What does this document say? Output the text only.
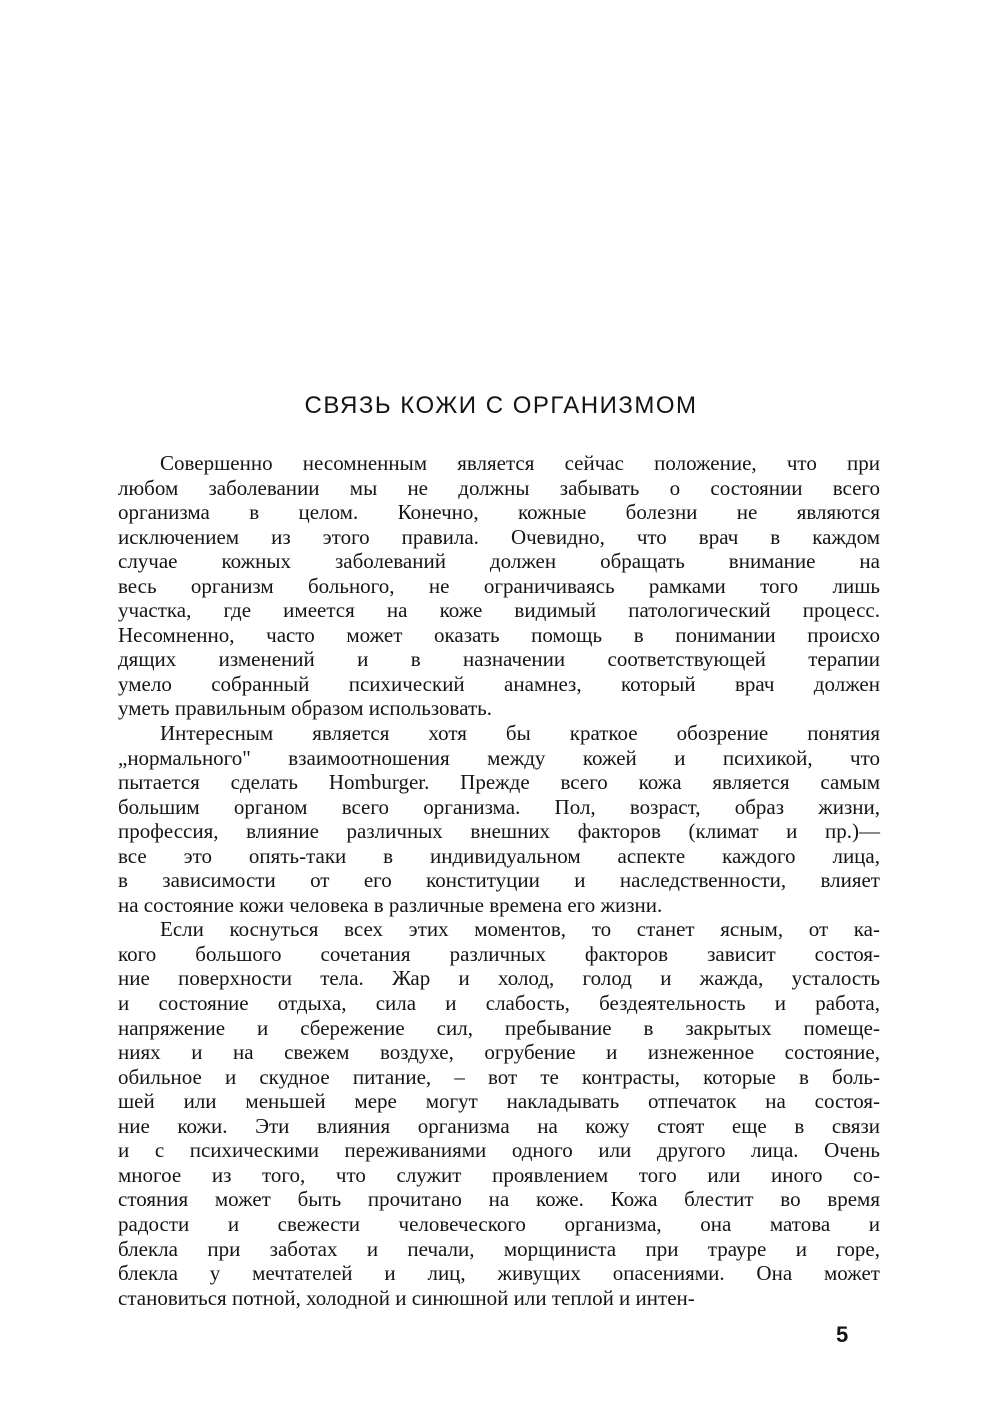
СВЯЗЬ КОЖИ С ОРГАНИЗМОМ
Совершенно несомненным является сейчас положение, что при
любом заболевании мы не должны забывать о состоянии всего
организма в целом. Конечно, кожные болезни не являются
исключением из этого правила. Очевидно, что врач в каждом
случае кожных заболеваний должен обращать внимание на
весь организм больного, не ограничиваясь рамками того лишь
участка, где имеется на коже видимый патологический процесс.
Несомненно, часто может оказать помощь в понимании происхо
дящих изменений и в назначении соответствующей терапии
умело собранный психический анамнез, который врач должен
уметь правильным образом использовать.
Интересным является хотя бы краткое обозрение понятия
„нормального" взаимоотношения между кожей и психикой, что
пытается сделать Homburger. Прежде всего кожа является самым
большим органом всего организма. Пол, возраст, образ жизни,
профессия, влияние различных внешних факторов (климат и пр.)—
все это опять-таки в индивидуальном аспекте каждого лица,
в зависимости от его конституции и наследственности, влияет
на состояние кожи человека в различные времена его жизни.
Если коснуться всех этих моментов, то станет ясным, от ка-
кого большого сочетания различных факторов зависит состоя-
ние поверхности тела. Жар и холод, голод и жажда, усталость
и состояние отдыха, сила и слабость, бездеятельность и работа,
напряжение и сбережение сил, пребывание в закрытых помеще-
ниях и на свежем воздухе, огрубение и изнеженное состояние,
обильное и скудное питание, – вот те контрасты, которые в боль-
шей или меньшей мере могут накладывать отпечаток на состоя-
ние кожи. Эти влияния организма на кожу стоят еще в связи
и с психическими переживаниями одного или другого лица. Очень
многое из того, что служит проявлением того или иного со-
стояния может быть прочитано на коже. Кожа блестит во время
радости и свежести человеческого организма, она матова и
блекла при заботах и печали, морщиниста при трауре и горе,
блекла у мечтателей и лиц, живущих опасениями. Она может
становиться потной, холодной и синюшной или теплой и интен-
5
